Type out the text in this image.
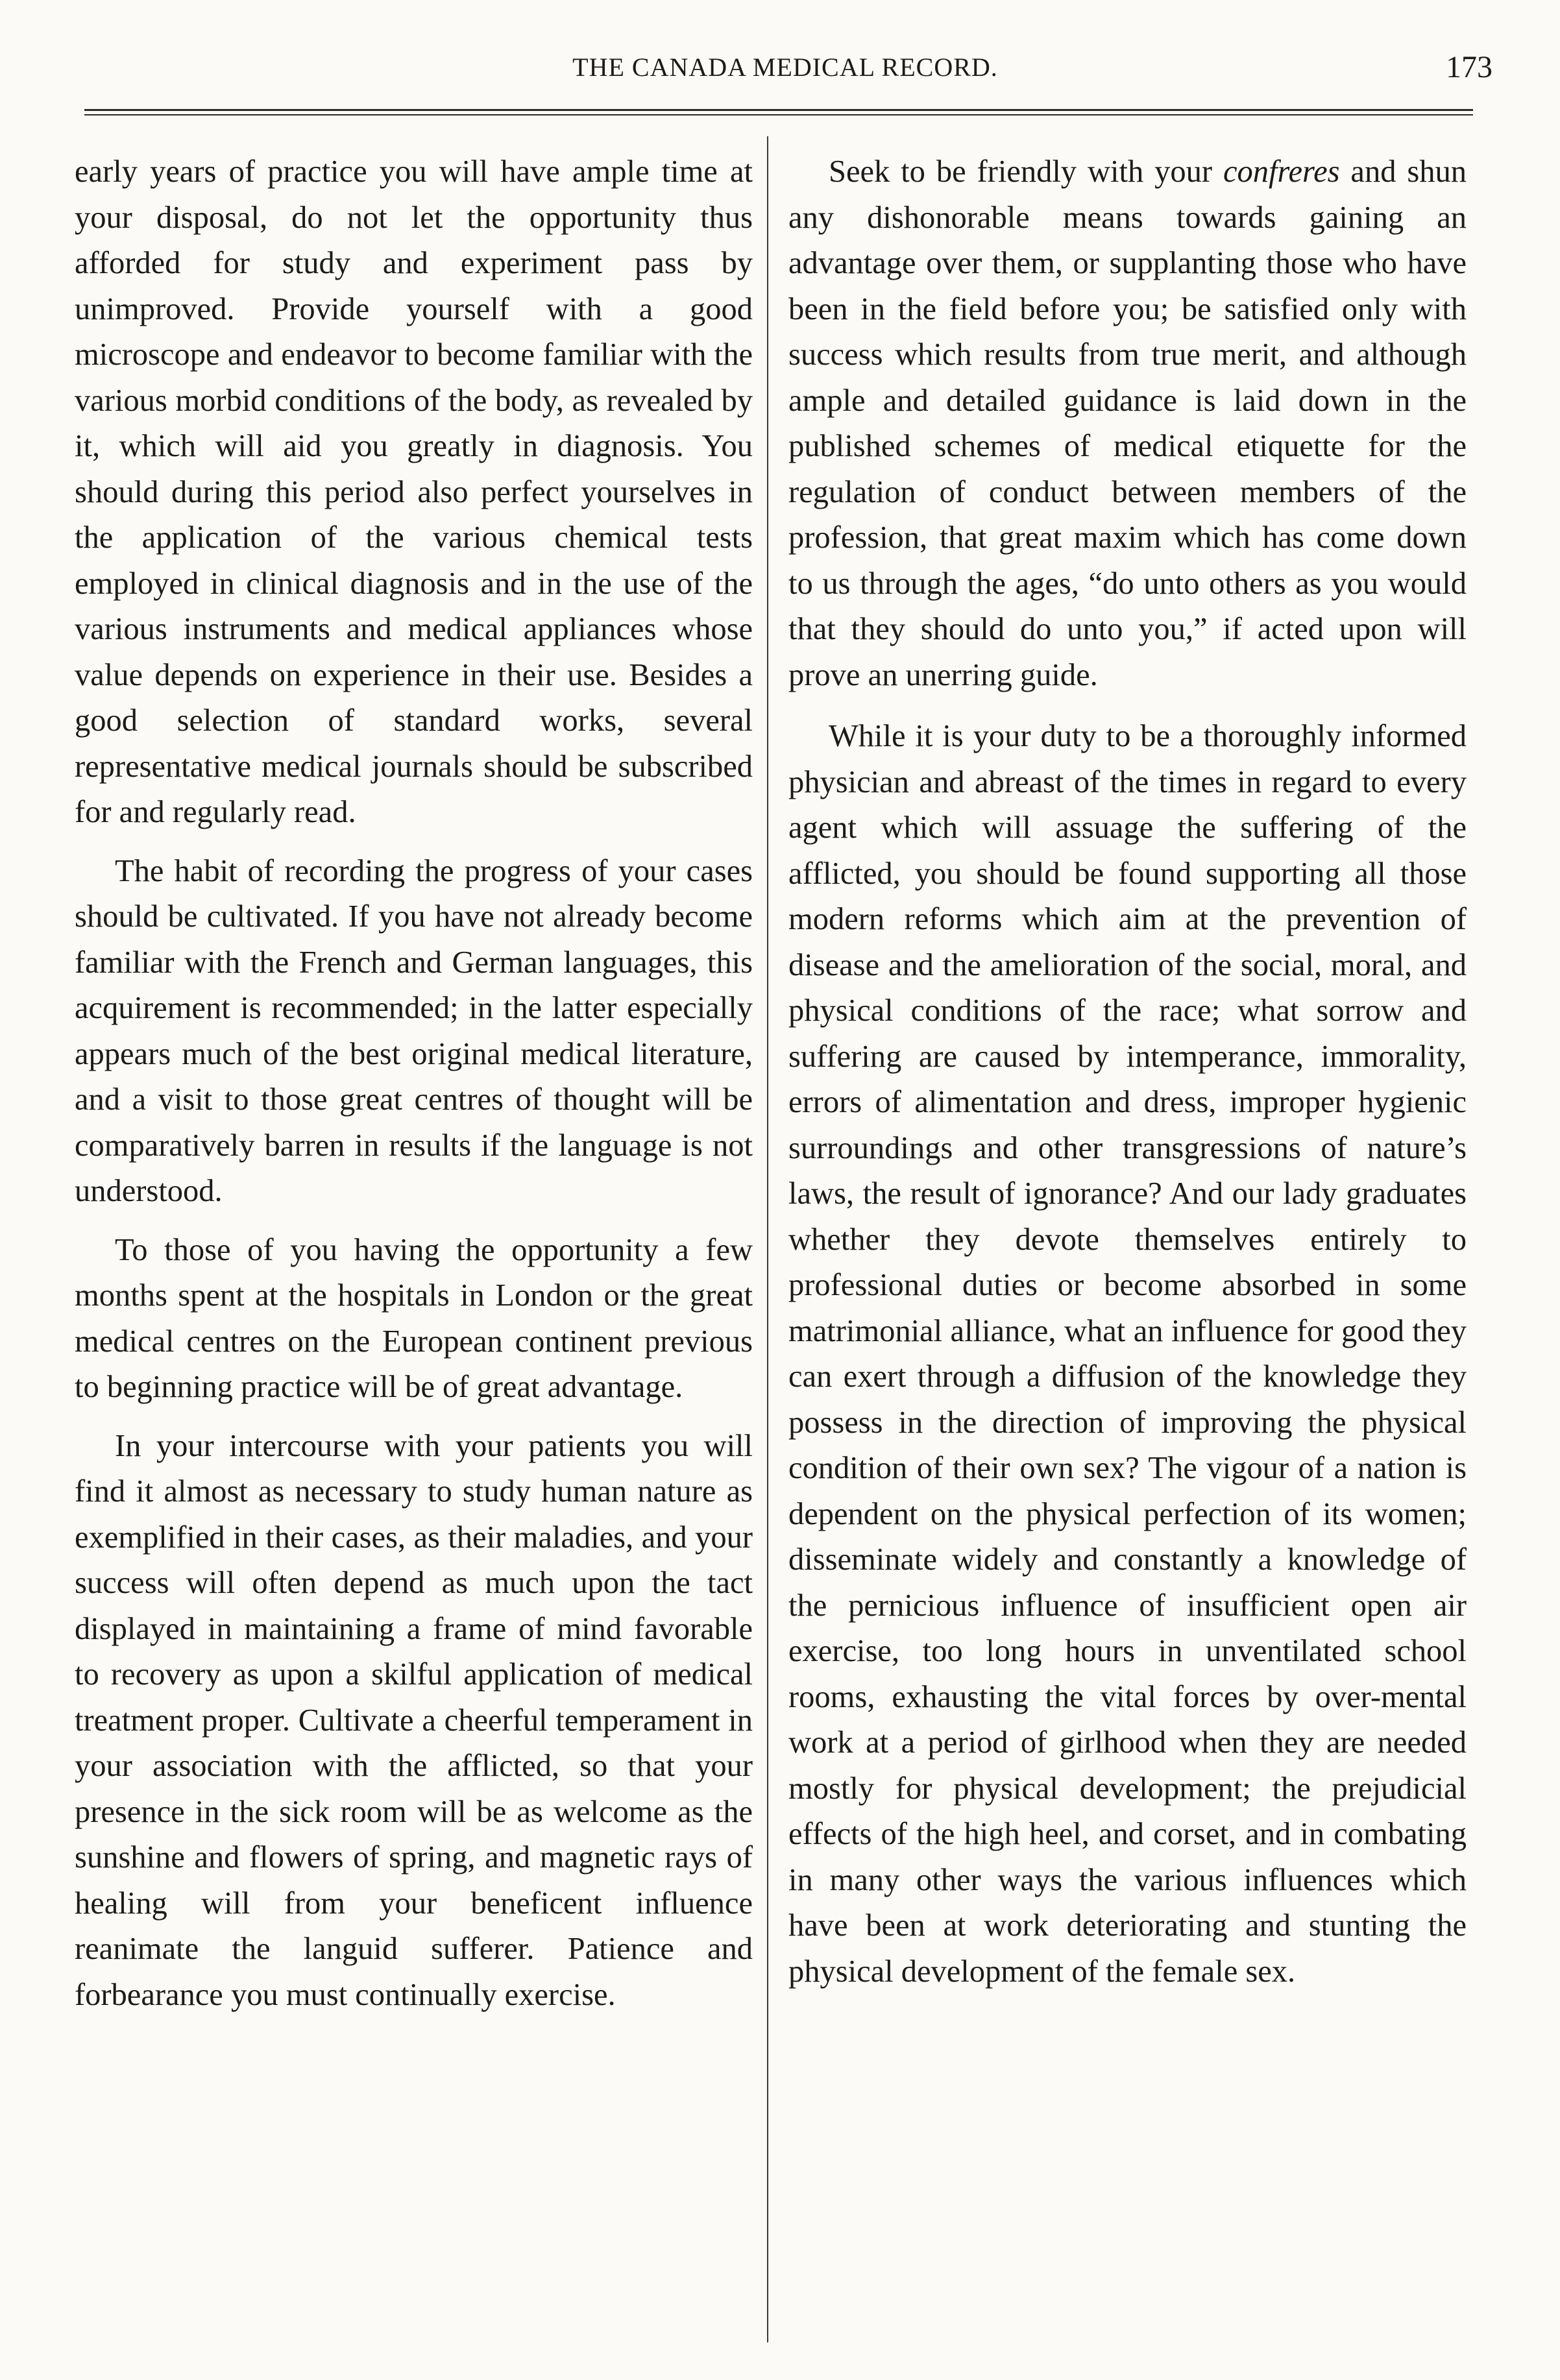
THE CANADA MEDICAL RECORD.	173

early years of practice you will have ample time at your disposal, do not let the opportunity thus afforded for study and experiment pass by unimproved. Provide yourself with a good microscope and endeavor to become familiar with the various morbid conditions of the body, as revealed by it, which will aid you greatly in diagnosis. You should during this period also perfect yourselves in the application of the various chemical tests employed in clinical diagnosis and in the use of the various instruments and medical appliances whose value depends on experience in their use. Besides a good selection of standard works, several representative medical journals should be subscribed for and regularly read.

The habit of recording the progress of your cases should be cultivated. If you have not already become familiar with the French and German languages, this acquirement is recommended; in the latter especially appears much of the best original medical literature, and a visit to those great centres of thought will be comparatively barren in results if the language is not understood.

To those of you having the opportunity a few months spent at the hospitals in London or the great medical centres on the European continent previous to beginning practice will be of great advantage.

In your intercourse with your patients you will find it almost as necessary to study human nature as exemplified in their cases, as their maladies, and your success will often depend as much upon the tact displayed in maintaining a frame of mind favorable to recovery as upon a skilful application of medical treatment proper. Cultivate a cheerful temperament in your association with the afflicted, so that your presence in the sick room will be as welcome as the sunshine and flowers of spring, and magnetic rays of healing will from your beneficent influence reanimate the languid sufferer. Patience and forbearance you must continually exercise.

Seek to be friendly with your confreres and shun any dishonorable means towards gaining an advantage over them, or supplanting those who have been in the field before you; be satisfied only with success which results from true merit, and although ample and detailed guidance is laid down in the published schemes of medical etiquette for the regulation of conduct between members of the profession, that great maxim which has come down to us through the ages, “do unto others as you would that they should do unto you,” if acted upon will prove an unerring guide.

While it is your duty to be a thoroughly informed physician and abreast of the times in regard to every agent which will assuage the suffering of the afflicted, you should be found supporting all those modern reforms which aim at the prevention of disease and the amelioration of the social, moral, and physical conditions of the race; what sorrow and suffering are caused by intemperance, immorality, errors of alimentation and dress, improper hygienic surroundings and other transgressions of nature’s laws, the result of ignorance? And our lady graduates whether they devote themselves entirely to professional duties or become absorbed in some matrimonial alliance, what an influence for good they can exert through a diffusion of the knowledge they possess in the direction of improving the physical condition of their own sex? The vigour of a nation is dependent on the physical perfection of its women; disseminate widely and constantly a knowledge of the pernicious influence of insufficient open air exercise, too long hours in unventilated school rooms, exhausting the vital forces by over-mental work at a period of girlhood when they are needed mostly for physical development; the prejudicial effects of the high heel, and corset, and in combating in many other ways the various influences which have been at work deteriorating and stunting the physical development of the female sex.
